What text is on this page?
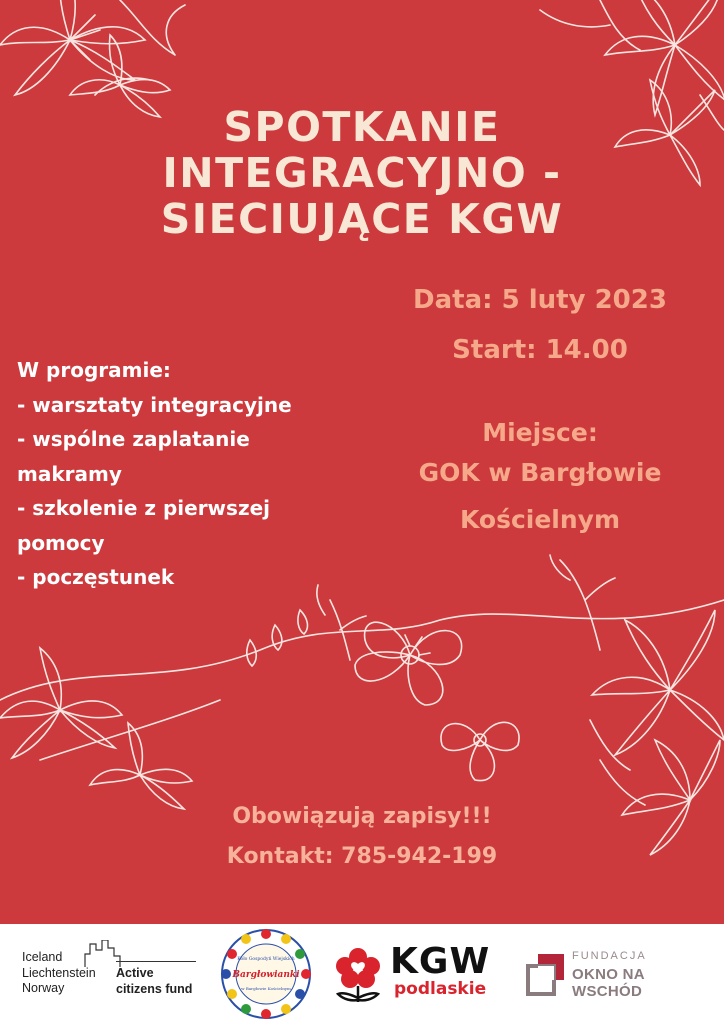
SPOTKANIE
INTEGRACYJNO -
SIECIUJĄCE KGW
Data: 5 luty 2023
Start: 14.00
Miejsce:
GOK w Bargłowie
Kościelnym
W programie:
- warsztaty integracyjne
- wspólne zaplatanie
makramy
- szkolenie z pierwszej
pomocy
- poczęstunek
Obowiązują zapisy!!!
Kontakt: 785-942-199
Iceland
Liechtenstein
Norway
Active
citizens fund
Koło Gospodyń Wiejskich
Bargłowianki
w Bargłowie Kościelnym
KGW
podlaskie
FUNDACJA
OKNO NA WSCHÓD
